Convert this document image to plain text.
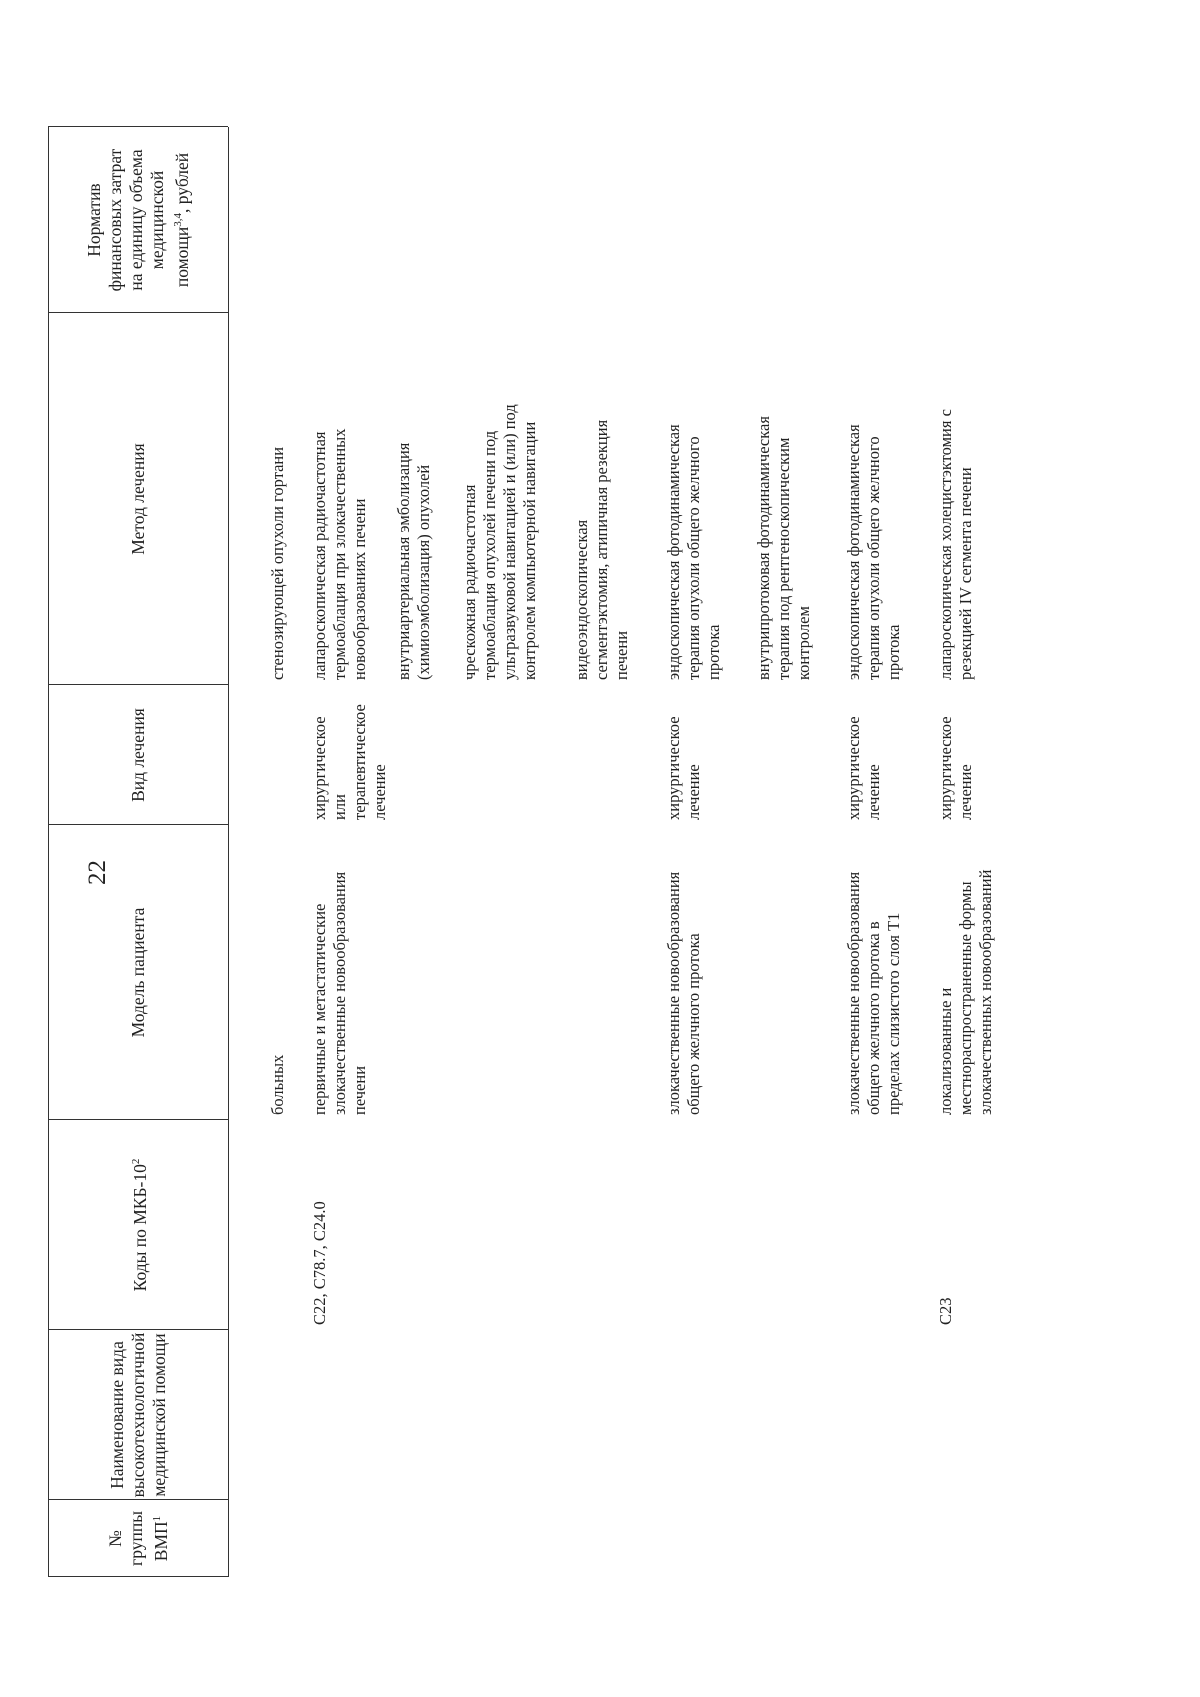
22
№ группы ВМП$^1$
Наименование вида высокотехнологичной медицинской помощи
Коды по МКБ-$10^2$
Модель пациента
Вид лечения
Метод лечения
Норматив финансовых затрат на единицу объема медицинской помощи$^{3,4}$, рублей
больных
стенозирующей опухоли гортани
C22, C78.7, C24.0
первичные и метастатические злокачественные новообразования печени
хирургическое или терапевтическое лечение
лапароскопическая радиочастотная термоаблация при злокачественных новообразованиях печени внутриартериальная эмболизация (химиоэмболизация) опухолей чрескожная радиочастотная термоаблация опухолей печени под ультразвуковой навигацией и (или) под контролем компьютерной навигации видеоэндоскопическая сегментэктомия, атипичная резекция печени
злокачественные новообразования общего желчного протока
хирургическое лечение
эндоскопическая фотодинамическая терапия опухоли общего желчного протока внутрипротоковая фотодинамическая терапия под рентгеноскопическим контролем
злокачественные новообразования общего желчного протока в пределах слизистого слоя T1
хирургическое лечение
эндоскопическая фотодинамическая терапия опухоли общего желчного протока
C23
локализованные и местнораспространенные формы злокачественных новообразований
хирургическое лечение
лапароскопическая холецистэктомия с резекцией IV сегмента печени
